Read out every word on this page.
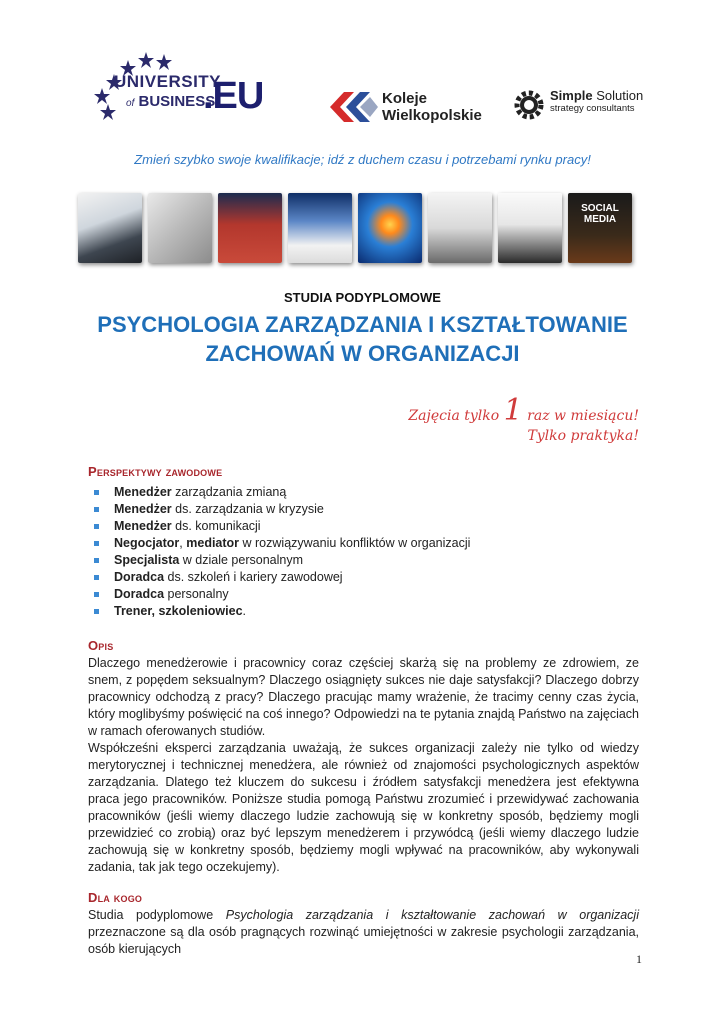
UNIVERSITY
of BUSINESS
.EU	Koleje
Wielkopolskie
Simple Solution
strategy consultants
Zmień szybko swoje kwalifikacje; idź z duchem czasu i potrzebami rynku pracy!
SOCIAL MEDIA
STUDIA PODYPLOMOWE
PSYCHOLOGIA ZARZĄDZANIA I KSZTAŁTOWANIE
ZACHOWAŃ W ORGANIZACJI
Zajęcia tylko 1 raz w miesiącu!
Tylko praktyka!
Perspektywy zawodowe
Menedżer zarządzania zmianą
Menedżer ds. zarządzania w kryzysie
Menedżer ds. komunikacji
Negocjator, mediator w rozwiązywaniu konfliktów w organizacji
Specjalista w dziale personalnym
Doradca ds. szkoleń i kariery zawodowej
Doradca personalny
Trener, szkoleniowiec.
Opis
Dlaczego menedżerowie i pracownicy coraz częściej skarżą się na problemy ze zdrowiem, ze snem, z popędem seksualnym? Dlaczego osiągnięty sukces nie daje satysfakcji? Dlaczego dobrzy pracownicy odchodzą z pracy? Dlaczego pracując mamy wrażenie, że tracimy cenny czas życia, który moglibyśmy poświęcić na coś innego? Odpowiedzi na te pytania znajdą Państwo na zajęciach w ramach oferowanych studiów.
Współcześni eksperci zarządzania uważają, że sukces organizacji zależy nie tylko od wiedzy merytorycznej i technicznej menedżera, ale również od znajomości psychologicznych aspektów zarządzania. Dlatego też kluczem do sukcesu i źródłem satysfakcji menedżera jest efektywna praca jego pracowników. Poniższe studia pomogą Państwu zrozumieć i przewidywać zachowania pracowników (jeśli wiemy dlaczego ludzie zachowują się w konkretny sposób, będziemy mogli przewidzieć co zrobią) oraz być lepszym menedżerem i przywódcą (jeśli wiemy dlaczego ludzie zachowują się w konkretny sposób, będziemy mogli wpływać na pracowników, aby wykonywali zadania, tak jak tego oczekujemy).
Dla kogo
Studia podyplomowe Psychologia zarządzania i kształtowanie zachowań w organizacji przeznaczone są dla osób pragnących rozwinąć umiejętności w zakresie psychologii zarządzania, osób kierujących
1
